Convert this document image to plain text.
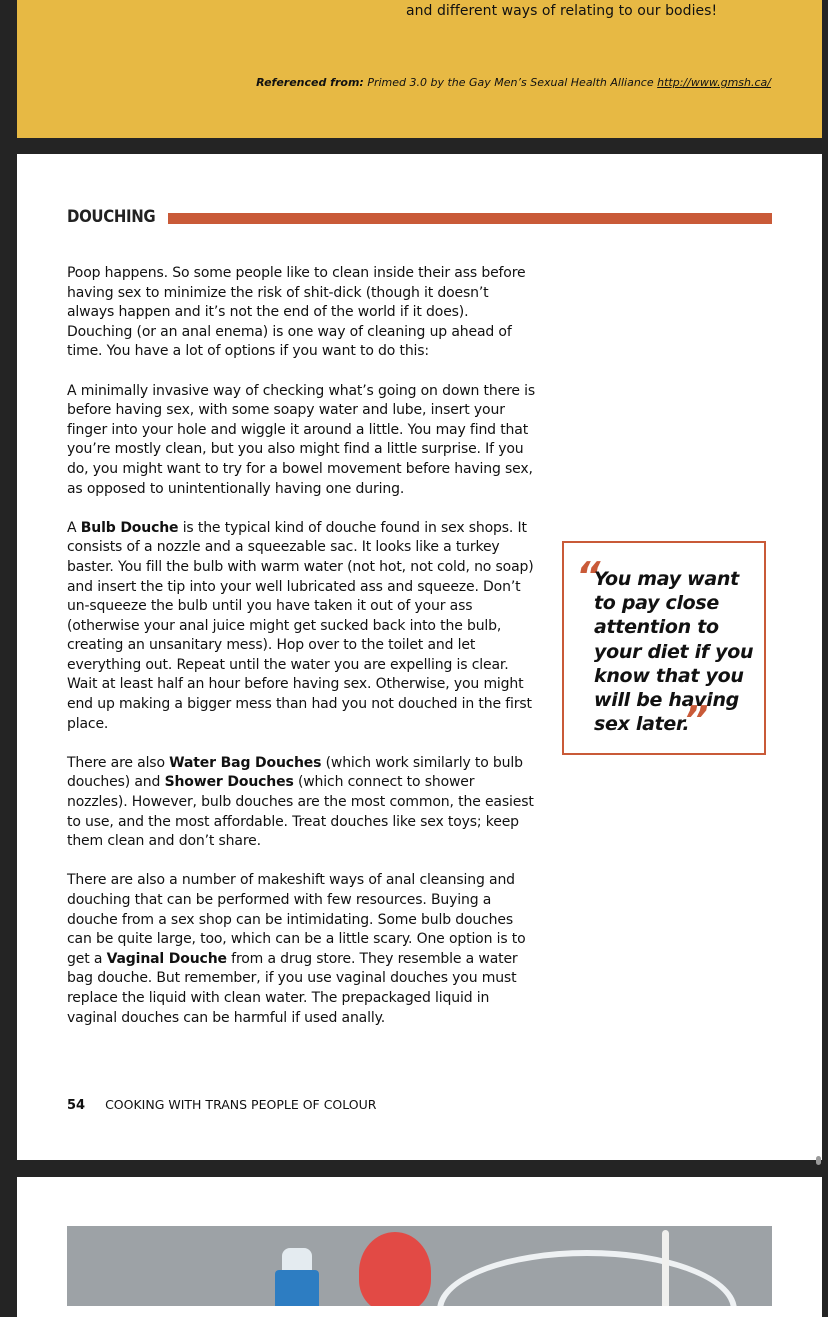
and different ways of relating to our bodies!
Referenced from: Primed 3.0 by the Gay Men’s Sexual Health Alliance http://www.gmsh.ca/
DOUCHING

Poop happens. So some people like to clean inside their ass before having sex to minimize the risk of shit-dick (though it doesn’t always happen and it’s not the end of the world if it does). Douching (or an anal enema) is one way of cleaning up ahead of time. You have a lot of options if you want to do this:

A minimally invasive way of checking what’s going on down there is before having sex, with some soapy water and lube, insert your finger into your hole and wiggle it around a little. You may find that you’re mostly clean, but you also might find a little surprise. If you do, you might want to try for a bowel movement before having sex, as opposed to unintentionally having one during.

A Bulb Douche is the typical kind of douche found in sex shops. It consists of a nozzle and a squeezable sac. It looks like a turkey baster. You fill the bulb with warm water (not hot, not cold, no soap) and insert the tip into your well lubricated ass and squeeze. Don’t un-squeeze the bulb until you have taken it out of your ass (otherwise your anal juice might get sucked back into the bulb, creating an unsanitary mess). Hop over to the toilet and let everything out. Repeat until the water you are expelling is clear. Wait at least half an hour before having sex. Otherwise, you might end up making a bigger mess than had you not douched in the first place.

There are also Water Bag Douches (which work similarly to bulb douches) and Shower Douches (which connect to shower nozzles). However, bulb douches are the most common, the easiest to use, and the most affordable. Treat douches like sex toys; keep them clean and don’t share.

There are also a number of makeshift ways of anal cleansing and douching that can be performed with few resources. Buying a douche from a sex shop can be intimidating. Some bulb douches can be quite large, too, which can be a little scary. One option is to get a Vaginal Douche from a drug store. They resemble a water bag douche. But remember, if you use vaginal douches you must replace the liquid with clean water. The prepackaged liquid in vaginal douches can be harmful if used anally.

“
You may want to pay close attention to your diet if you know that you will be having sex later.
”
54 COOKING WITH TRANS PEOPLE OF COLOUR
